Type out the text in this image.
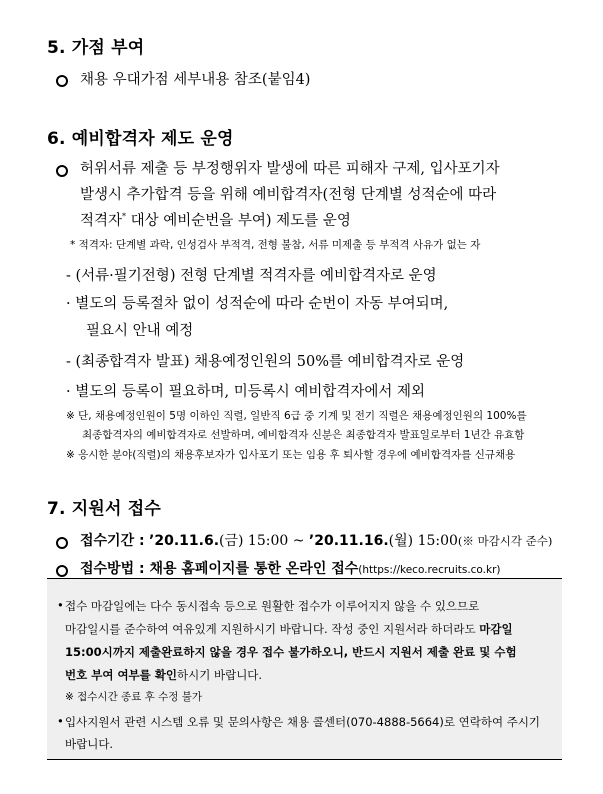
5. 가점 부여
채용 우대가점 세부내용 참조(붙임4)
6. 예비합격자 제도 운영
허위서류 제출 등 부정행위자 발생에 따른 피해자 구제, 입사포기자
발생시 추가합격 등을 위해 예비합격자(전형 단계별 성적순에 따라
적격자* 대상 예비순번을 부여) 제도를 운영
* 적격자: 단계별 과락, 인성검사 부적격, 전형 불참, 서류 미제출 등 부적격 사유가 없는 자
- (서류·필기전형) 전형 단계별 적격자를 예비합격자로 운영
· 별도의 등록절차 없이 성적순에 따라 순번이 자동 부여되며,
필요시 안내 예정
- (최종합격자 발표) 채용예정인원의 50%를 예비합격자로 운영
· 별도의 등록이 필요하며, 미등록시 예비합격자에서 제외
※ 단, 채용예정인원이 5명 이하인 직렬, 일반직 6급 중 기계 및 전기 직렬은 채용예정인원의 100%를
최종합격자의 예비합격자로 선발하며, 예비합격자 신분은 최종합격자 발표일로부터 1년간 유효함
※ 응시한 분야(직렬)의 채용후보자가 입사포기 또는 임용 후 퇴사할 경우에 예비합격자를 신규채용
7. 지원서 접수
접수기간 : ’20.11.6.(금) 15:00 ~ ’20.11.16.(월) 15:00(※ 마감시각 준수)
접수방법 : 채용 홈페이지를 통한 온라인 접수(https://keco.recruits.co.kr)
• 접수 마감일에는 다수 동시접속 등으로 원활한 접수가 이루어지지 않을 수 있으므로
마감일시를 준수하여 여유있게 지원하시기 바랍니다. 작성 중인 지원서라 하더라도 마감일
15:00시까지 제출완료하지 않을 경우 접수 불가하오니, 반드시 지원서 제출 완료 및 수험
번호 부여 여부를 확인하시기 바랍니다.
※ 접수시간 종료 후 수정 불가
• 입사지원서 관련 시스템 오류 및 문의사항은 채용 콜센터(070-4888-5664)로 연락하여 주시기
바랍니다.
